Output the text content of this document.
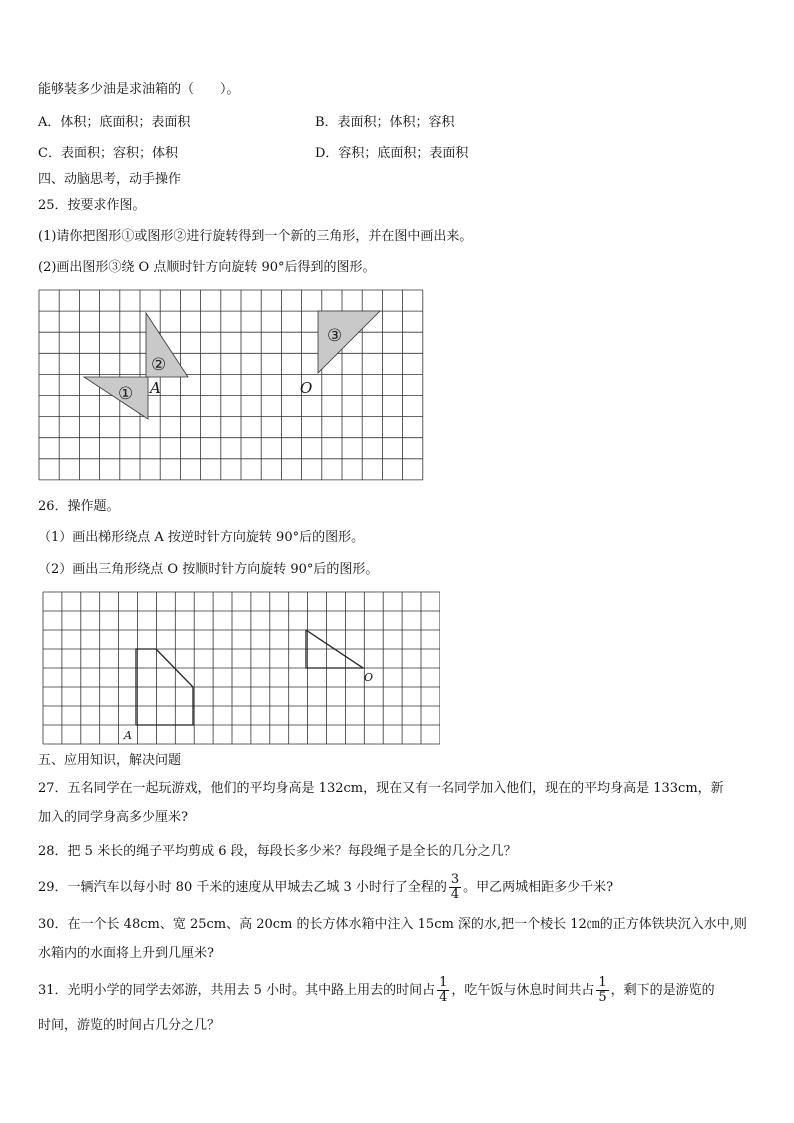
能够装多少油是求油箱的（　　）。
A．体积；底面积；表面积	B．表面积；体积；容积
C．表面积；容积；体积	D．容积；底面积；表面积
四、动脑思考，动手操作
25．按要求作图。
(1)请你把图形①或图形②进行旋转得到一个新的三角形，并在图中画出来。
(2)画出图形③绕 O 点顺时针方向旋转 90°后得到的图形。
①
②
③
A	O
26．操作题。
（1）画出梯形绕点 A 按逆时针方向旋转 90°后的图形。
（2）画出三角形绕点 O 按顺时针方向旋转 90°后的图形。
A
O
五、应用知识，解决问题
27．五名同学在一起玩游戏，他们的平均身高是 132cm，现在又有一名同学加入他们，现在的平均身高是 133cm，新
加入的同学身高多少厘米?
28．把 5 米长的绳子平均剪成 6 段，每段长多少米？每段绳子是全长的几分之几？
29．一辆汽车以每小时 80 千米的速度从甲城去乙城 3 小时行了全程的 $\frac{3}{4}$ 。甲乙两城相距多少千米?
30．在一个长 48cm、宽 25cm、高 20cm 的长方体水箱中注入 15cm 深的水,把一个棱长 12㎝的正方体铁块沉入水中,则
水箱内的水面将上升到几厘米?
31．光明小学的同学去郊游，共用去 5 小时。其中路上用去的时间占 $\frac{1}{4}$ ，吃午饭与休息时间共占 $\frac{1}{5}$ ，剩下的是游览的
时间，游览的时间占几分之几？
